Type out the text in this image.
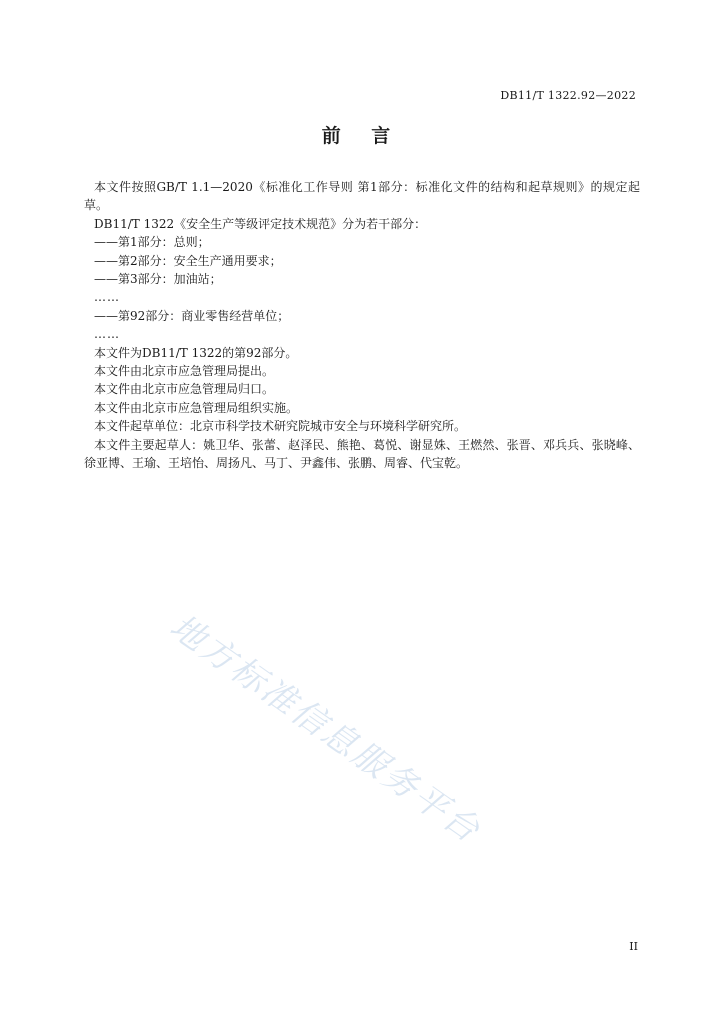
DB11/T 1322.92—2022
前 言

本文件按照GB/T 1.1—2020《标准化工作导则 第1部分：标准化文件的结构和起草规则》的规定起草。

DB11/T 1322《安全生产等级评定技术规范》分为若干部分：

——第1部分：总则；

——第2部分：安全生产通用要求；

——第3部分：加油站；

……

——第92部分：商业零售经营单位；

……

本文件为DB11/T 1322的第92部分。

本文件由北京市应急管理局提出。

本文件由北京市应急管理局归口。

本文件由北京市应急管理局组织实施。

本文件起草单位：北京市科学技术研究院城市安全与环境科学研究所。

本文件主要起草人：姚卫华、张蕾、赵泽民、熊艳、葛悦、谢显姝、王燃然、张晋、邓兵兵、张晓峰、徐亚博、王瑜、王培怡、周扬凡、马丁、尹鑫伟、张鹏、周睿、代宝乾。

地方标准信息服务平台
II
